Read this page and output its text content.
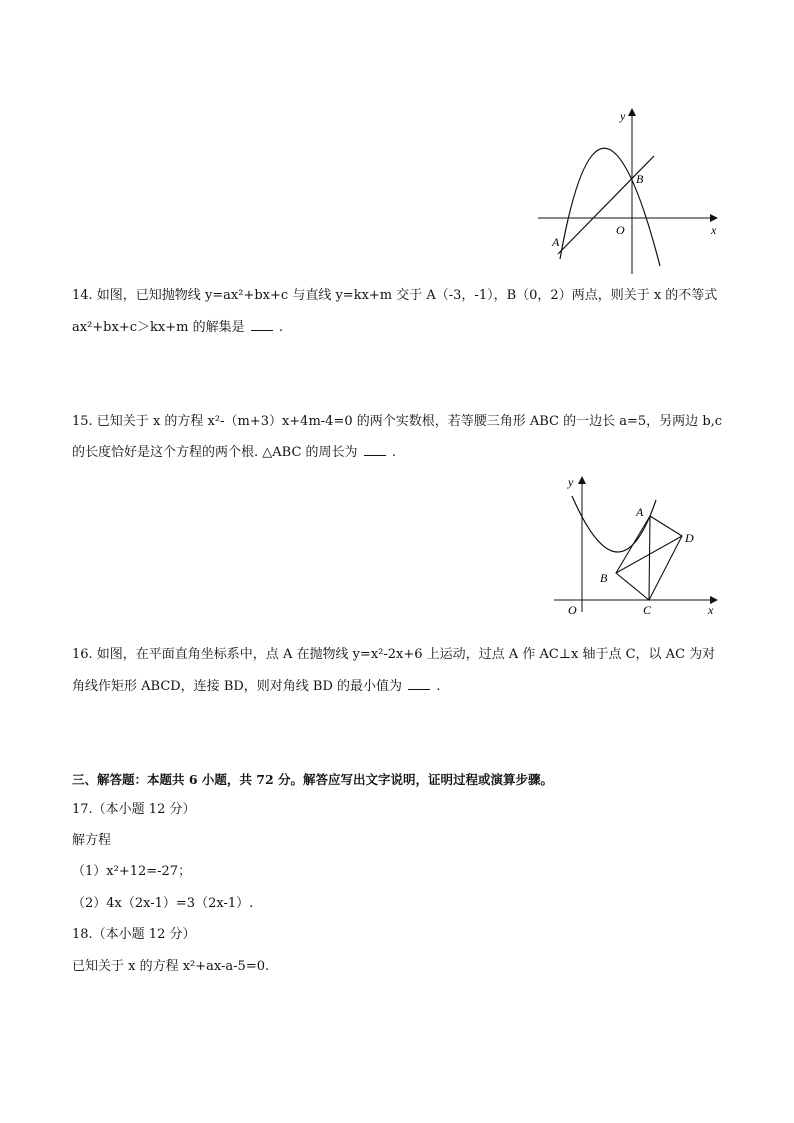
y
x
O
A
B
14. 如图，已知抛物线 y=ax²+bx+c 与直线 y=kx+m 交于 A（-3，-1），B（0，2）两点，则关于 x 的不等式
ax²+bx+c＞kx+m 的解集是	.
15. 已知关于 x 的方程 x²-（m+3）x+4m-4=0 的两个实数根，若等腰三角形 ABC 的一边长 a=5，另两边 b,c
的长度恰好是这个方程的两个根. △ABC 的周长为	.
y
x
O
A
B
C
D
16. 如图，在平面直角坐标系中，点 A 在抛物线 y=x²-2x+6 上运动，过点 A 作 AC⊥x 轴于点 C，以 AC 为对
角线作矩形 ABCD，连接 BD，则对角线 BD 的最小值为	.
三、解答题：本题共 6 小题，共 72 分。解答应写出文字说明，证明过程或演算步骤。
17.（本小题 12 分）
解方程
（1）x²+12=-27；
（2）4x（2x-1）=3（2x-1）.
18.（本小题 12 分）
已知关于 x 的方程 x²+ax-a-5=0.
